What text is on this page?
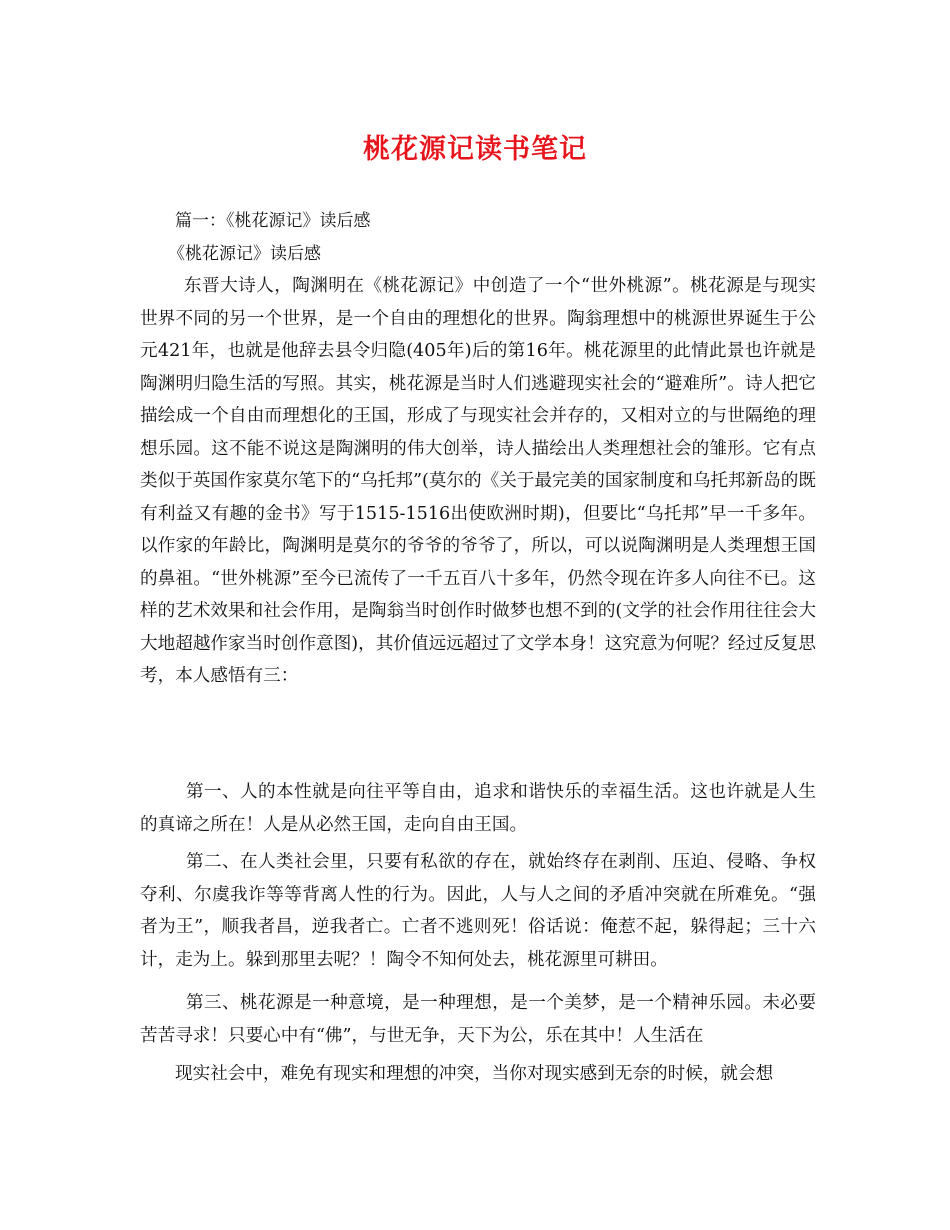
桃花源记读书笔记
篇一：《桃花源记》读后感
《桃花源记》读后感

东晋大诗人，陶渊明在《桃花源记》中创造了一个“世外桃源”。桃花源是与现实世界不同的另一个世界，是一个自由的理想化的世界。陶翁理想中的桃源世界诞生于公元421年，也就是他辞去县令归隐(405年)后的第16年。桃花源里的此情此景也许就是陶渊明归隐生活的写照。其实，桃花源是当时人们逃避现实社会的“避难所”。诗人把它描绘成一个自由而理想化的王国，形成了与现实社会并存的，又相对立的与世隔绝的理想乐园。这不能不说这是陶渊明的伟大创举，诗人描绘出人类理想社会的雏形。它有点类似于英国作家莫尔笔下的“乌托邦”(莫尔的《关于最完美的国家制度和乌托邦新岛的既有利益又有趣的金书》写于1515-1516出使欧洲时期)，但要比“乌托邦”早一千多年。以作家的年龄比，陶渊明是莫尔的爷爷的爷爷了，所以，可以说陶渊明是人类理想王国的鼻祖。“世外桃源”至今已流传了一千五百八十多年，仍然令现在许多人向往不已。这样的艺术效果和社会作用，是陶翁当时创作时做梦也想不到的(文学的社会作用往往会大大地超越作家当时创作意图)，其价值远远超过了文学本身！这究意为何呢？经过反复思考，本人感悟有三：

第一、人的本性就是向往平等自由，追求和谐快乐的幸福生活。这也许就是人生的真谛之所在！人是从必然王国，走向自由王国。

第二、在人类社会里，只要有私欲的存在，就始终存在剥削、压迫、侵略、争权夺利、尔虞我诈等等背离人性的行为。因此，人与人之间的矛盾冲突就在所难免。“强者为王”，顺我者昌，逆我者亡。亡者不逃则死！俗话说：俺惹不起，躲得起；三十六计，走为上。躲到那里去呢？！陶令不知何处去，桃花源里可耕田。

第三、桃花源是一种意境，是一种理想，是一个美梦，是一个精神乐园。未必要苦苦寻求！只要心中有“佛”，与世无争，天下为公，乐在其中！人生活在

现实社会中，难免有现实和理想的冲突，当你对现实感到无奈的时候，就会想
